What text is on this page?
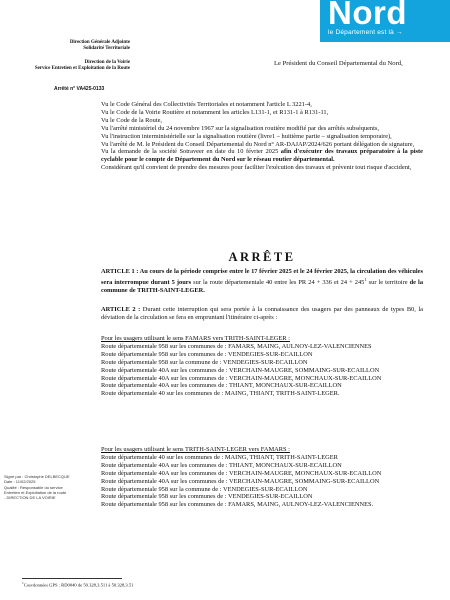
Nord
le Département est là →
Direction Générale Adjointe
Solidarité Territoriale
Direction de la Voirie
Service Entretien et Exploitation de la Route
Le Président du Conseil Départemental du Nord,
Arrêté n° VA425-0133

Vu le Code Général des Collectivités Territoriales et notamment l'article L 3221-4,

Vu le Code de la Voirie Routière et notamment les articles L131-1, et R131-1 à R131-11,

Vu le Code de la Route,

Vu l'arrêté ministériel du 24 novembre 1967 sur la signalisation routière modifié par des arrêtés subséquents,

Vu l'instruction interministérielle sur la signalisation routière (livre1 – huitième partie – signalisation temporaire),

Vu l'arrêté de M. le Président du Conseil Départemental du Nord n° AR-DAJAP/2024/626 portant délégation de signature,

Vu la demande de la société Sotraveer en date du 10 février 2025 afin d'exécuter des travaux préparatoire à la piste cyclable pour le compte de Département du Nord sur le réseau routier départemental.

Considérant qu'il convient de prendre des mesures pour faciliter l'exécution des travaux et prévenir tout risque d'accident,

ARRÊTE
ARTICLE 1 : Au cours de la période comprise entre le 17 février 2025 et le 24 février 2025, la circulation des véhicules sera interrompue durant 5 jours sur la route départementale 40 entre les PR 24 + 336 et $24 + 245^1$ sur le territoire de la commune de TRITH-SAINT-LEGER.
ARTICLE 2 : Durant cette interruption qui sera portée à la connaissance des usagers par des panneaux de types B0, la déviation de la circulation se fera en empruntant l'itinéraire ci-après :
Pour les usagers utilisant le sens FAMARS vers TRITH-SAINT-LEGER :
Route départementale 958 sur les communes de : FAMARS, MAING, AULNOY-LEZ-VALENCIENNES
Route départementale 958 sur les communes de : VENDEGIES-SUR-ECAILLON
Route départementale 958 sur la commune de : VENDEGIES-SUR-ECAILLON
Route départementale 40A sur les communes de : VERCHAIN-MAUGRE, SOMMAING-SUR-ECAILLON
Route départementale 40A sur les communes de : VERCHAIN-MAUGRE, MONCHAUX-SUR-ECAILLON
Route départementale 40A sur les communes de : THIANT, MONCHAUX-SUR-ECAILLON
Route départementale 40 sur les communes de : MAING, THIANT, TRITH-SAINT-LEGER.
Pour les usagers utilisant le sens TRITH-SAINT-LEGER vers FAMARS :
Route départementale 40 sur les communes de : MAING, THIANT, TRITH-SAINT-LEGER
Route départementale 40A sur les communes de : THIANT, MONCHAUX-SUR-ECAILLON
Route départementale 40A sur les communes de : VERCHAIN-MAUGRE, MONCHAUX-SUR-ECAILLON
Route départementale 40A sur les communes de : VERCHAIN-MAUGRE, SOMMAING-SUR-ECAILLON
Route départementale 958 sur la commune de : VENDEGIES-SUR-ECAILLON
Route départementale 958 sur les communes de : VENDEGIES-SUR-ECAILLON
Route départementale 958 sur les communes de : FAMARS, MAING, AULNOY-LEZ-VALENCIENNES.
Signé par : Christophe DELBECQUE
Date : 11/02/2025
Qualité : Responsable du service
Entretien et Exploitation de la route
- DIRECTION DE LA VOIRIE
$^1$Coordonnées GPS : RD0040 de 50.328,3.511 à 50.328,3.51
